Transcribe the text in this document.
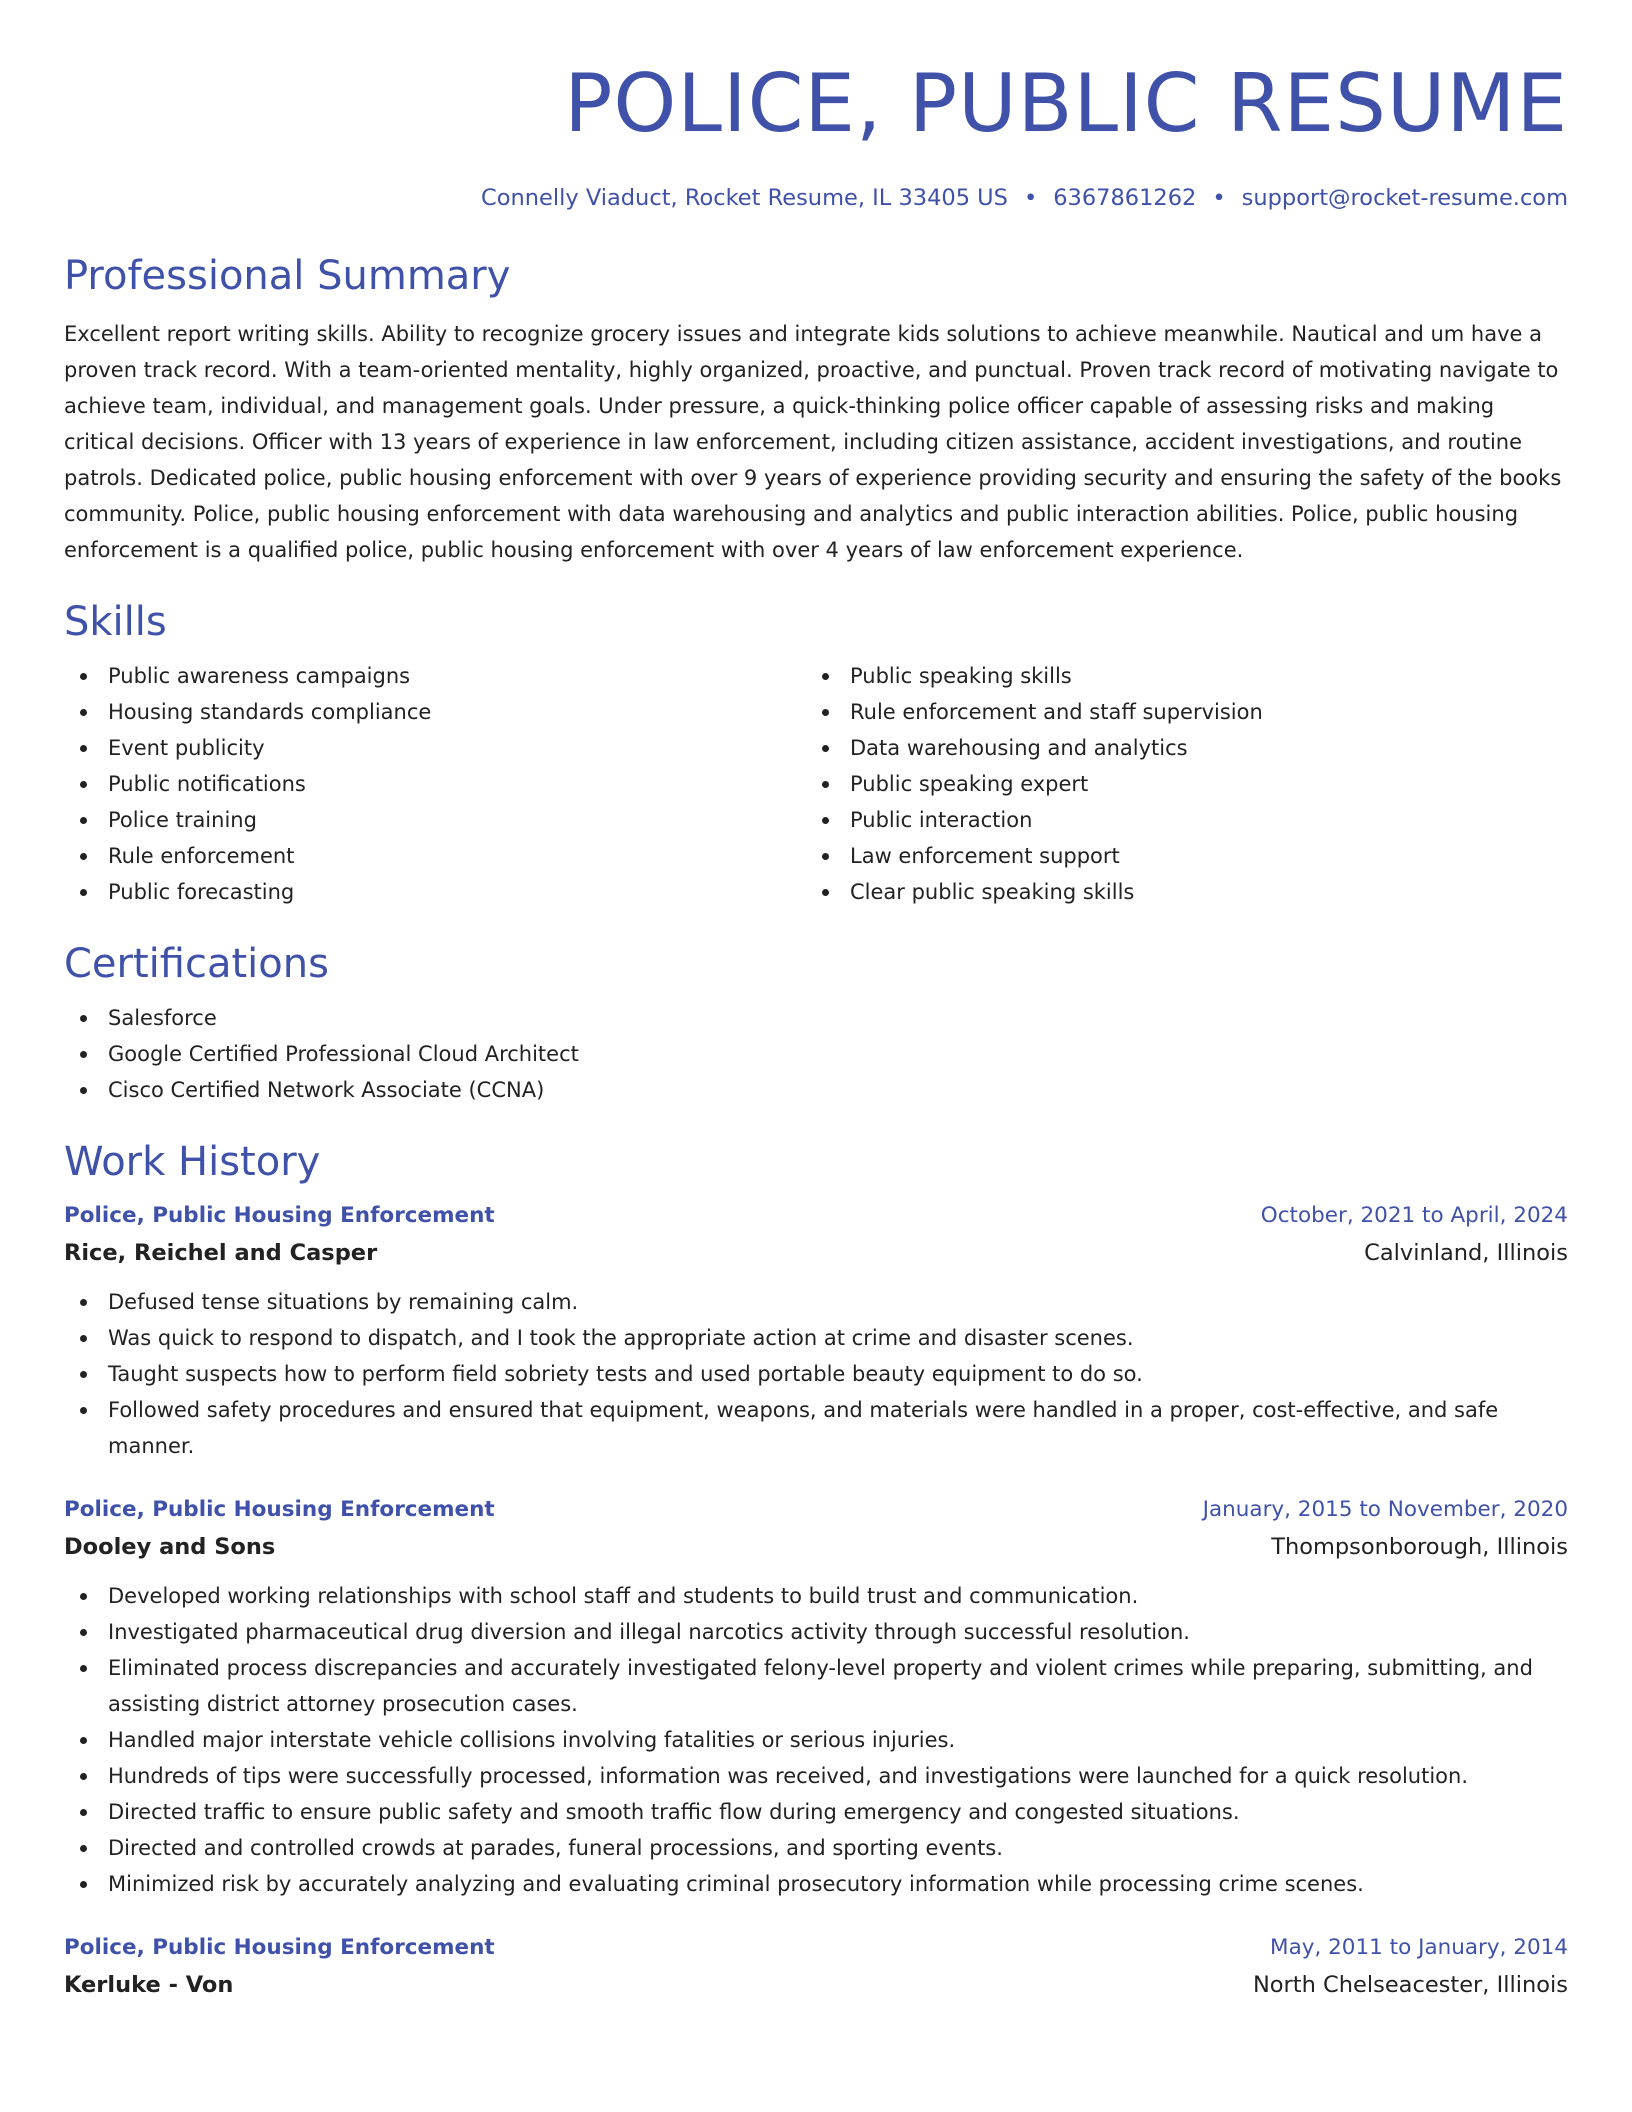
POLICE, PUBLIC RESUME
Connelly Viaduct, Rocket Resume, IL 33405 US • 6367861262 • support@rocket-resume.com
Professional Summary

Excellent report writing skills. Ability to recognize grocery issues and integrate kids solutions to achieve meanwhile. Nautical and um have a proven track record. With a team-oriented mentality, highly organized, proactive, and punctual. Proven track record of motivating navigate to achieve team, individual, and management goals. Under pressure, a quick-thinking police officer capable of assessing risks and making critical decisions. Officer with 13 years of experience in law enforcement, including citizen assistance, accident investigations, and routine patrols. Dedicated police, public housing enforcement with over 9 years of experience providing security and ensuring the safety of the books community. Police, public housing enforcement with data warehousing and analytics and public interaction abilities. Police, public housing enforcement is a qualified police, public housing enforcement with over 4 years of law enforcement experience.

Skills
Public awareness campaigns
Housing standards compliance
Event publicity
Public notifications
Police training
Rule enforcement
Public forecasting
Public speaking skills
Rule enforcement and staff supervision
Data warehousing and analytics
Public speaking expert
Public interaction
Law enforcement support
Clear public speaking skills
Certifications
Salesforce
Google Certified Professional Cloud Architect
Cisco Certified Network Associate (CCNA)
Work History
Police, Public Housing Enforcement	October, 2021 to April, 2024
Rice, Reichel and Casper	Calvinland, Illinois
Defused tense situations by remaining calm.
Was quick to respond to dispatch, and I took the appropriate action at crime and disaster scenes.
Taught suspects how to perform field sobriety tests and used portable beauty equipment to do so.
Followed safety procedures and ensured that equipment, weapons, and materials were handled in a proper, cost-effective, and safe manner.
Police, Public Housing Enforcement	January, 2015 to November, 2020
Dooley and Sons	Thompsonborough, Illinois
Developed working relationships with school staff and students to build trust and communication.
Investigated pharmaceutical drug diversion and illegal narcotics activity through successful resolution.
Eliminated process discrepancies and accurately investigated felony-level property and violent crimes while preparing, submitting, and assisting district attorney prosecution cases.
Handled major interstate vehicle collisions involving fatalities or serious injuries.
Hundreds of tips were successfully processed, information was received, and investigations were launched for a quick resolution.
Directed traffic to ensure public safety and smooth traffic flow during emergency and congested situations.
Directed and controlled crowds at parades, funeral processions, and sporting events.
Minimized risk by accurately analyzing and evaluating criminal prosecutory information while processing crime scenes.
Police, Public Housing Enforcement	May, 2011 to January, 2014
Kerluke - Von	North Chelseacester, Illinois
